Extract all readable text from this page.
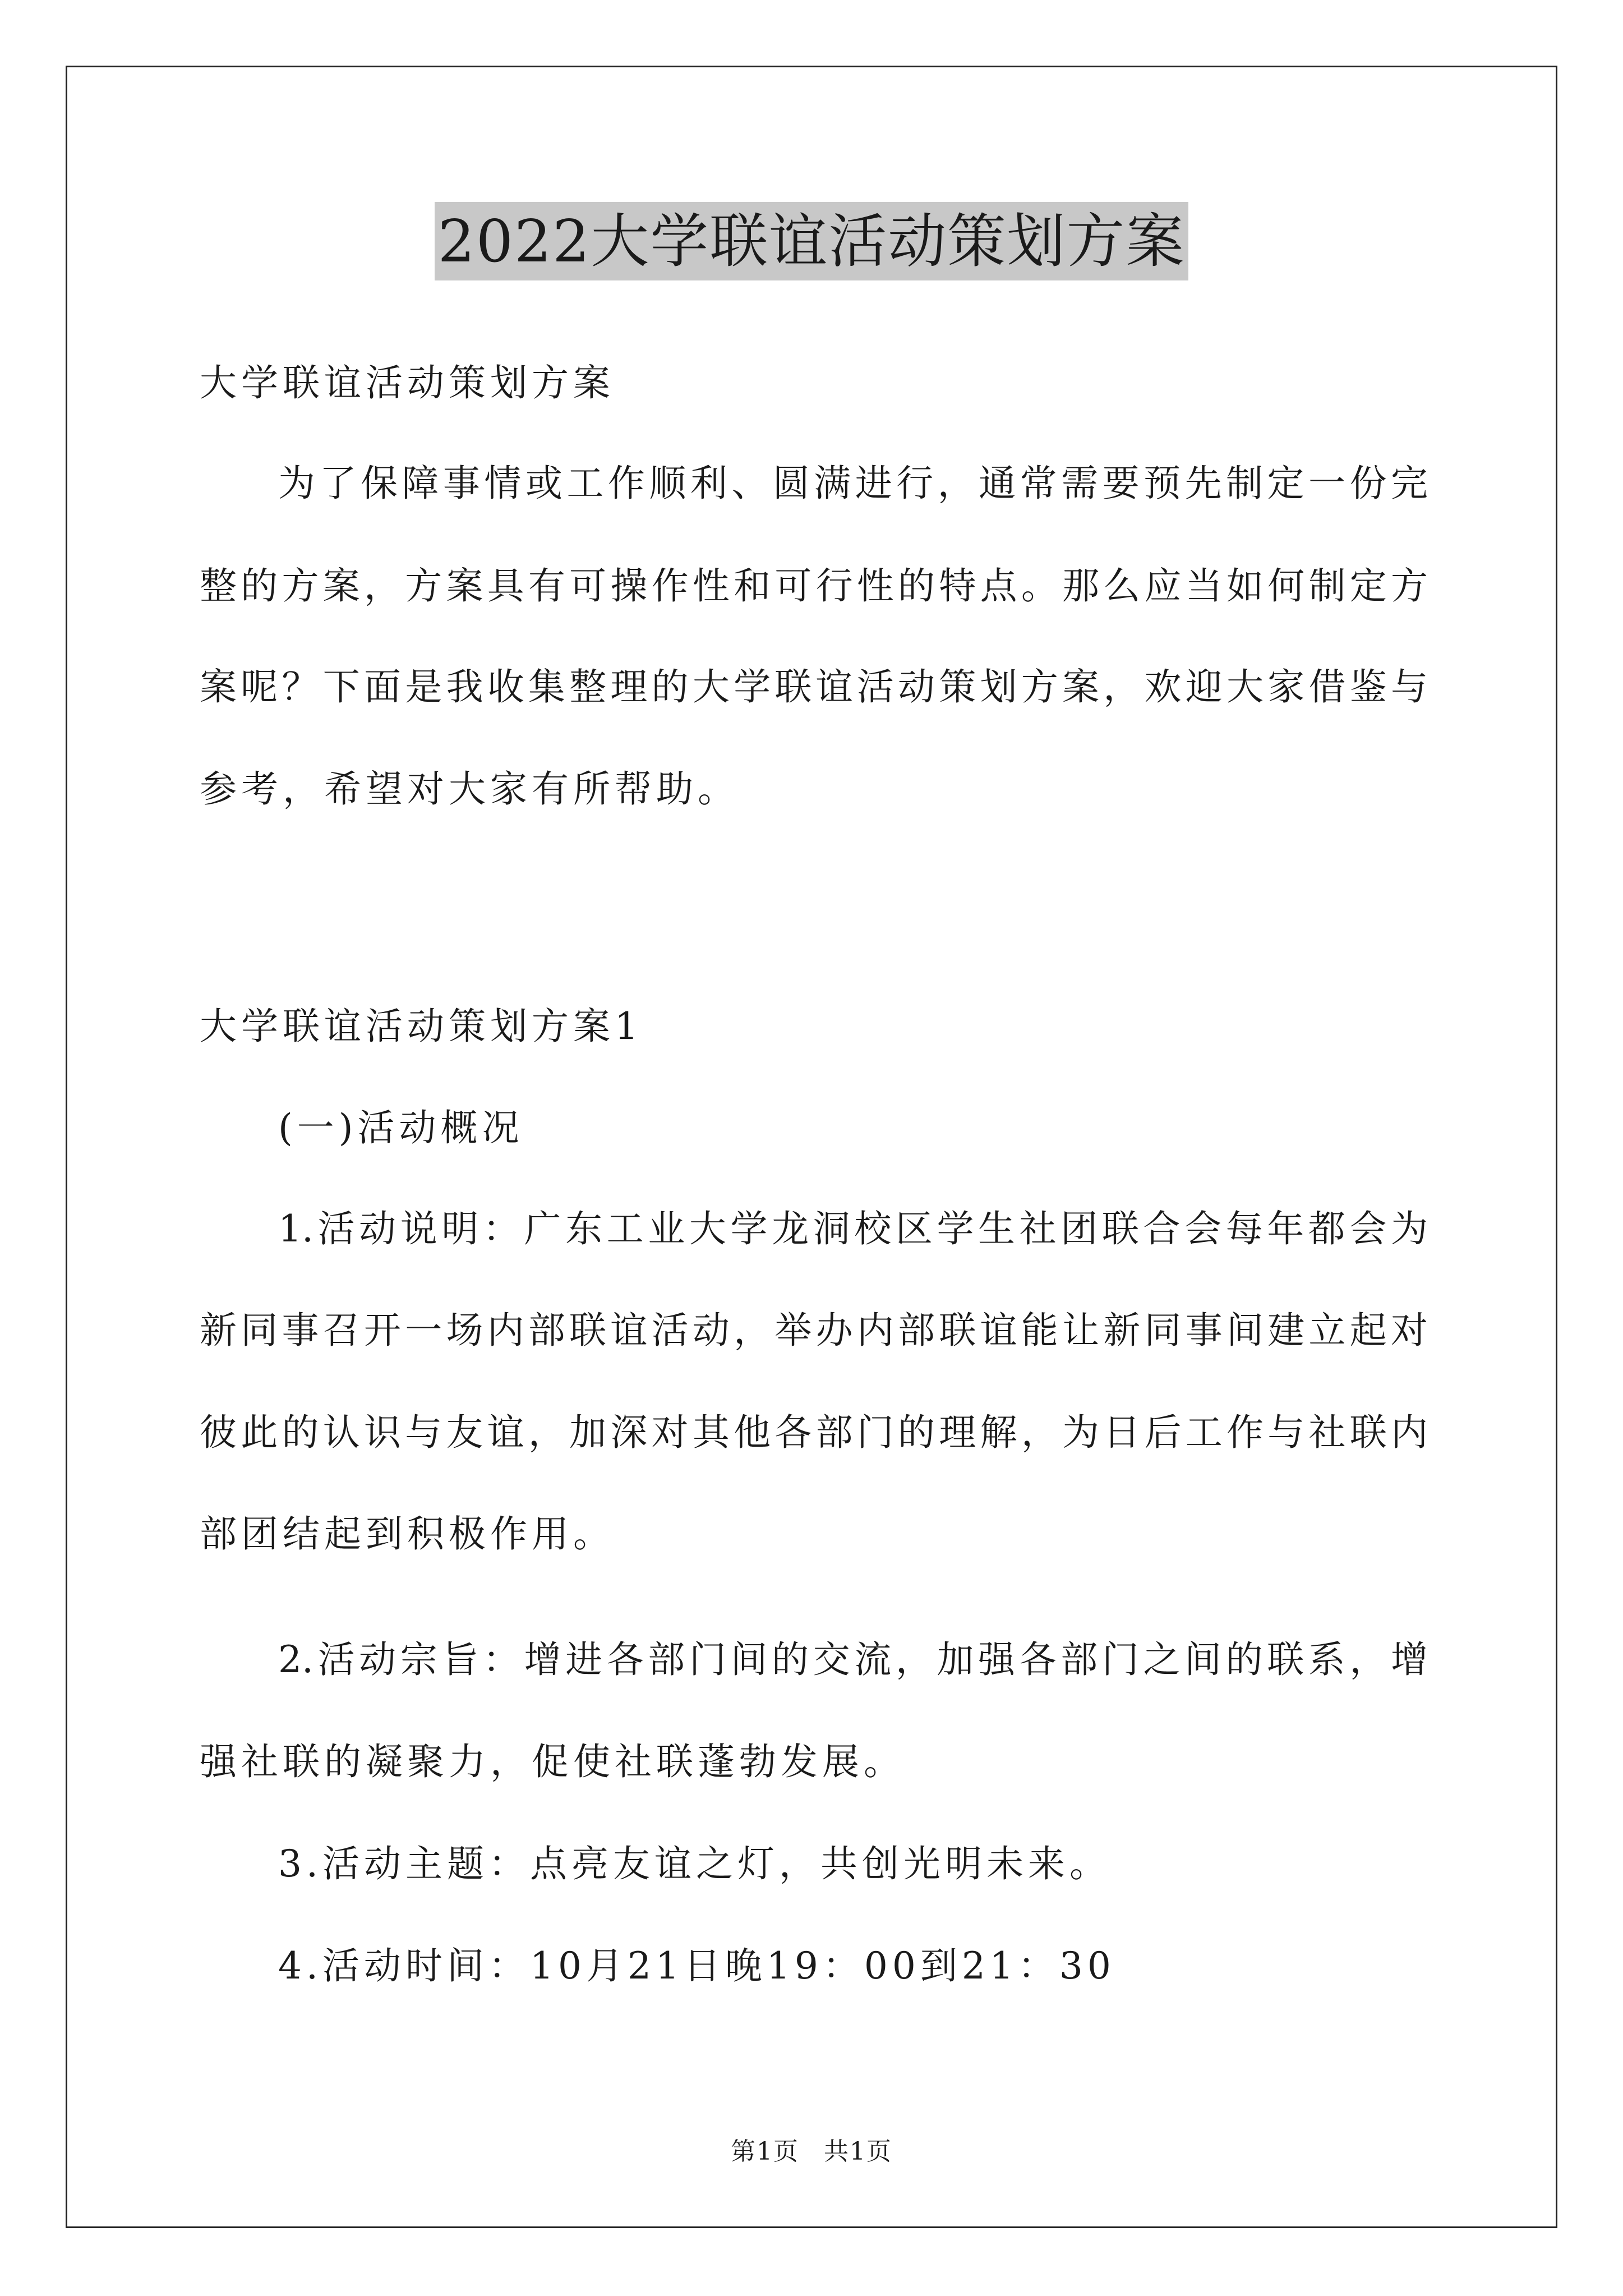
2022大学联谊活动策划方案
大学联谊活动策划方案
为了保障事情或工作顺利、圆满进行，通常需要预先制定一份完
整的方案，方案具有可操作性和可行性的特点。那么应当如何制定方
案呢？下面是我收集整理的大学联谊活动策划方案，欢迎大家借鉴与
参考，希望对大家有所帮助。
大学联谊活动策划方案1
(一)活动概况
1.活动说明：广东工业大学龙洞校区学生社团联合会每年都会为
新同事召开一场内部联谊活动，举办内部联谊能让新同事间建立起对
彼此的认识与友谊，加深对其他各部门的理解，为日后工作与社联内
部团结起到积极作用。
2.活动宗旨：增进各部门间的交流，加强各部门之间的联系，增
强社联的凝聚力，促使社联蓬勃发展。
3.活动主题：点亮友谊之灯，共创光明未来。
4.活动时间：10月21日晚19：00到21：30
第1页 共1页
